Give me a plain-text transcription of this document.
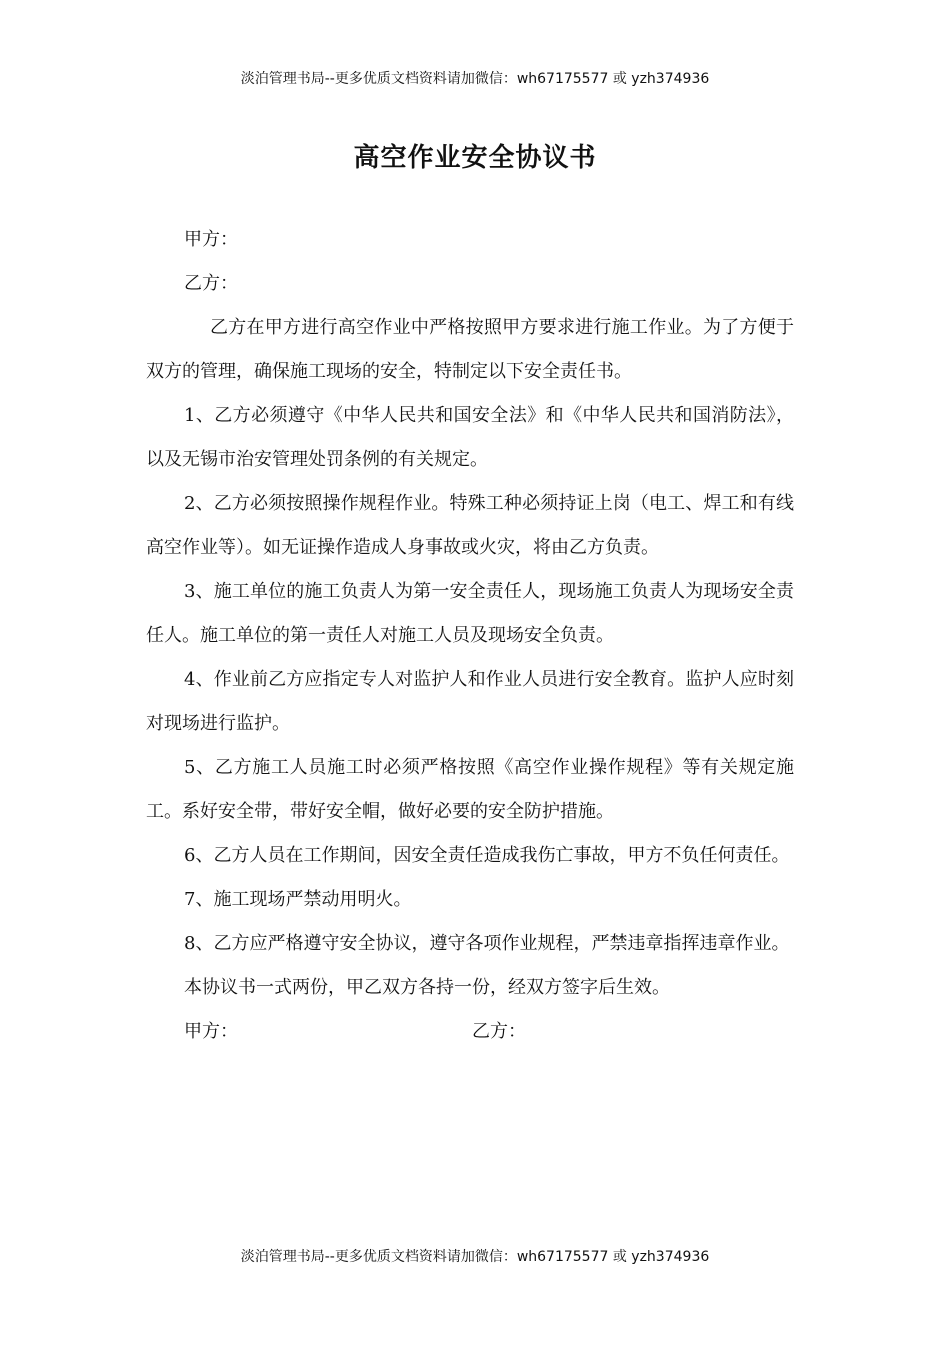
淡泊管理书局--更多优质文档资料请加微信：wh67175577 或 yzh374936
高空作业安全协议书

甲方：

乙方：

乙方在甲方进行高空作业中严格按照甲方要求进行施工作业。为了方便于双方的管理，确保施工现场的安全，特制定以下安全责任书。

1、乙方必须遵守《中华人民共和国安全法》和《中华人民共和国消防法》，以及无锡市治安管理处罚条例的有关规定。

2、乙方必须按照操作规程作业。特殊工种必须持证上岗（电工、焊工和有线高空作业等）。如无证操作造成人身事故或火灾，将由乙方负责。

3、施工单位的施工负责人为第一安全责任人，现场施工负责人为现场安全责任人。施工单位的第一责任人对施工人员及现场安全负责。

4、作业前乙方应指定专人对监护人和作业人员进行安全教育。监护人应时刻对现场进行监护。

5、乙方施工人员施工时必须严格按照《高空作业操作规程》等有关规定施工。系好安全带，带好安全帽，做好必要的安全防护措施。

6、乙方人员在工作期间，因安全责任造成我伤亡事故，甲方不负任何责任。

7、施工现场严禁动用明火。

8、乙方应严格遵守安全协议，遵守各项作业规程，严禁违章指挥违章作业。

本协议书一式两份，甲乙双方各持一份，经双方签字后生效。

甲方：	乙方：
淡泊管理书局--更多优质文档资料请加微信：wh67175577 或 yzh374936
